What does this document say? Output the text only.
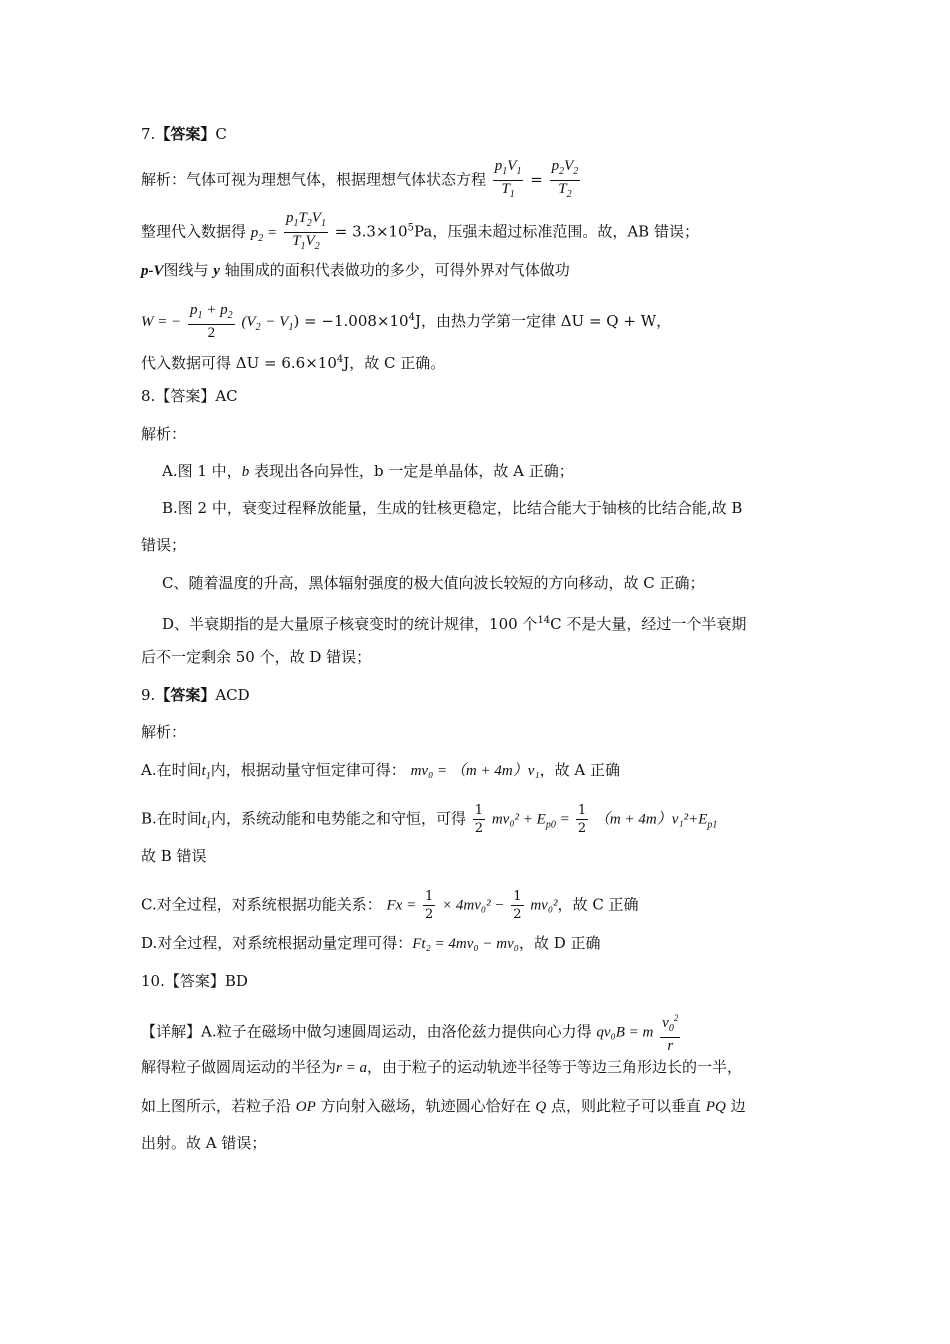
7.【答案】C
解析：气体可视为理想气体，根据理想气体状态方程 $\frac{p_1V_1}{T_1} = \frac{p_2V_2}{T_2}$
整理代入数据得 $p_2 = \frac{p_1T_2V_1}{T_1V_2} = 3.3\times 10^5Pa$，压强未超过标准范围。故，AB 错误；
p-V图线与 y 轴围成的面积代表做功的多少，可得外界对气体做功
W = − $\frac{p_1 + p_2}{2} (V_2 - V_1) = -1.008\times 10^4J$，由热力学第一定律 ΔU = Q + W，
代入数据可得 $\Delta U = 6.6\times 10^4J$，故 C 正确。
8.【答案】AC
解析：
A.图 1 中，b 表现出各向异性，b 一定是单晶体，故 A 正确；
B.图 2 中，衰变过程释放能量，生成的钍核更稳定，比结合能大于铀核的比结合能,故 B
错误；
C、随着温度的升高，黑体辐射强度的极大值向波长较短的方向移动，故 C 正确；
D、半衰期指的是大量原子核衰变时的统计规律，100 个$^{14}$C 不是大量，经过一个半衰期
后不一定剩余 50 个，故 D 错误；
9.【答案】ACD
解析：
A.在时间$t_1$内，根据动量守恒定律可得： mv₀ = （m + 4m）v₁，故 A 正确
B.在时间$t_1$内，系统动能和电势能之和守恒，可得 $\frac{1}{2} mv_0^2 + E_{p0} = \frac{1}{2} (m + 4m)v_1^2+E_{p1}$
故 B 错误
C.对全过程，对系统根据功能关系： $Fx = \frac{1}{2} \times 4mv_0^2 - \frac{1}{2} mv_0^2$，故 C 正确
D.对全过程，对系统根据动量定理可得：Ft₂ = 4mv₀ − mv₀，故 D 正确
10.【答案】BD
【详解】A.粒子在磁场中做匀速圆周运动，由洛伦兹力提供向心力得 qv₀B = m $\frac{v_0^2}{r}$
解得粒子做圆周运动的半径为r = a，由于粒子的运动轨迹半径等于等边三角形边长的一半，
如上图所示，若粒子沿 OP 方向射入磁场，轨迹圆心恰好在 Q 点，则此粒子可以垂直 PQ 边
出射。故 A 错误；
